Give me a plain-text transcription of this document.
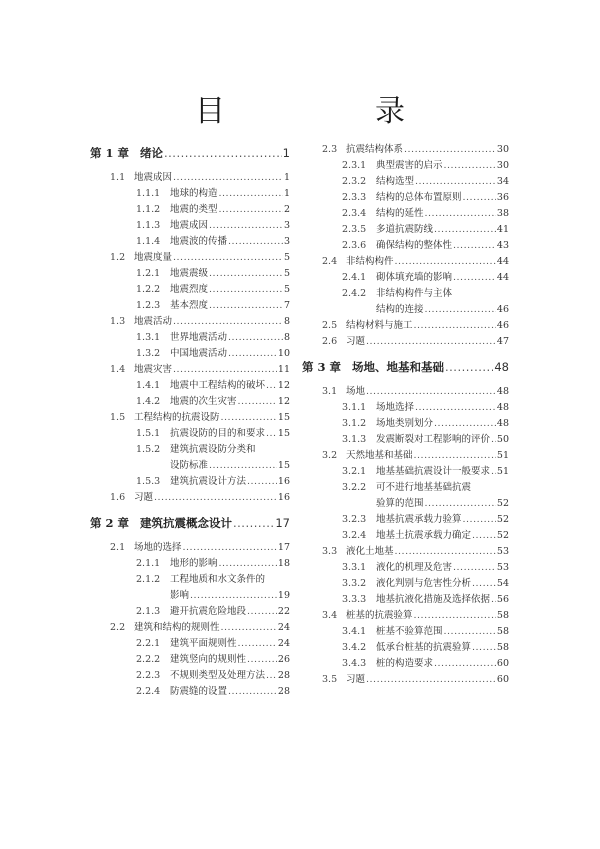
目　录
第 1 章 绪论 .....	1
1.1 地震成因 .....	1
1.1.1	地球的构造 .....	1
1.1.2	地震的类型 .....	2
1.1.3	地震成因 .....	3
1.1.4	地震波的传播 .....	3
1.2 地震度量 .....	5
1.2.1	地震震级 .....	5
1.2.2	地震烈度 .....	5
1.2.3	基本烈度 .....	7
1.3 地震活动 .....	8
1.3.1	世界地震活动 .....	8
1.3.2	中国地震活动 .....	10
1.4 地震灾害 .....	11
1.4.1	地震中工程结构的破坏 ..... 12
1.4.2	地震的次生灾害 .....	12
1.5 工程结构的抗震设防 .....	15
1.5.1	抗震设防的目的和要求 ..... 15
1.5.2	建筑抗震设防分类和
设防标准 .....	15
1.5.3	建筑抗震设计方法 .....	16
1.6 习题 .....	16
第 2 章 建筑抗震概念设计 .....	17
2.1 场地的选择 .....	17
2.1.1	地形的影响 .....	18
2.1.2	工程地质和水文条件的
影响 .....	19
2.1.3	避开抗震危险地段 .....	22
2.2 建筑和结构的规则性 .....	24
2.2.1	建筑平面规则性 .....	24
2.2.2	建筑竖向的规则性 .....	26
2.2.3	不规则类型及处理方法 ..... 28
2.2.4	防震缝的设置 .....	28
2.3 抗震结构体系 .....	30
2.3.1	典型震害的启示 .....	30
2.3.2	结构选型 .....	34
2.3.3	结构的总体布置原则 .....	36
2.3.4	结构的延性 .....	38
2.3.5	多道抗震防线 .....	41
2.3.6	确保结构的整体性 .....	43
2.4 非结构构件 .....	44
2.4.1	砌体填充墙的影响 .....	44
2.4.2	非结构构件与主体
结构的连接 .....	46
2.5 结构材料与施工 .....	46
2.6 习题 .....	47
第 3 章 场地、地基和基础 .....	48
3.1 场地 .....	48
3.1.1	场地选择 .....	48
3.1.2	场地类别划分 .....	48
3.1.3	发震断裂对工程影响的评价 ..... 50
3.2 天然地基和基础 .....	51
3.2.1	地基基础抗震设计一般要求 ..... 51
3.2.2	可不进行地基基础抗震
验算的范围 .....	52
3.2.3	地基抗震承载力验算 .....	52
3.2.4	地基土抗震承载力确定 .....	52
3.3 液化土地基 .....	53
3.3.1	液化的机理及危害 .....	53
3.3.2	液化判别与危害性分析 .....	54
3.3.3	地基抗液化措施及选择依据 ..... 56
3.4 桩基的抗震验算 .....	58
3.4.1	桩基不验算范围 .....	58
3.4.2	低承台桩基的抗震验算 .....	58
3.4.3	桩的构造要求 .....	60
3.5 习题 .....	60
